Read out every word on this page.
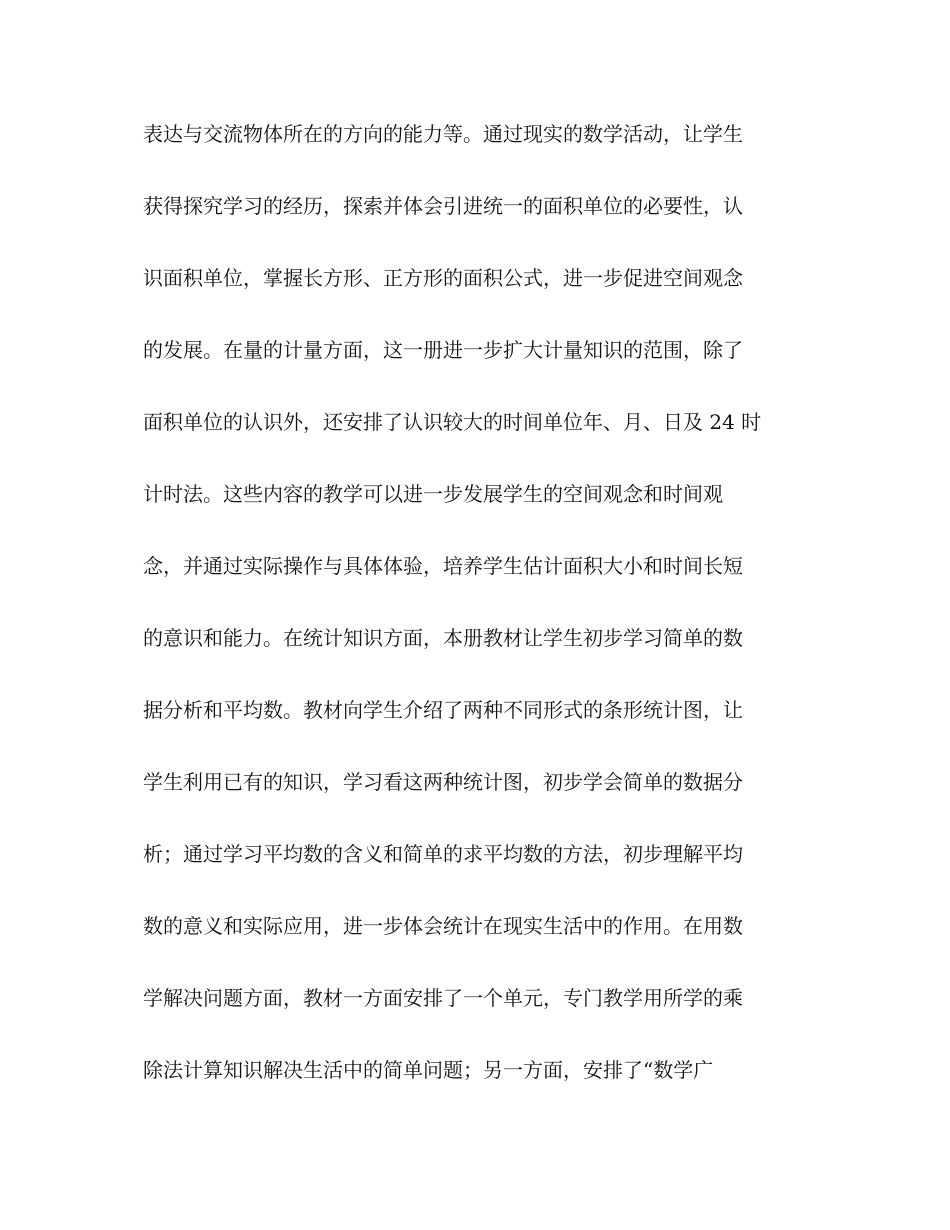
表达与交流物体所在的方向的能力等。通过现实的数学活动，让学生

获得探究学习的经历，探索并体会引进统一的面积单位的必要性，认

识面积单位，掌握长方形、正方形的面积公式，进一步促进空间观念

的发展。在量的计量方面，这一册进一步扩大计量知识的范围，除了

面积单位的认识外，还安排了认识较大的时间单位年、月、日及 24 时

计时法。这些内容的教学可以进一步发展学生的空间观念和时间观

念，并通过实际操作与具体体验，培养学生估计面积大小和时间长短

的意识和能力。在统计知识方面，本册教材让学生初步学习简单的数

据分析和平均数。教材向学生介绍了两种不同形式的条形统计图，让

学生利用已有的知识，学习看这两种统计图，初步学会简单的数据分

析；通过学习平均数的含义和简单的求平均数的方法，初步理解平均

数的意义和实际应用，进一步体会统计在现实生活中的作用。在用数

学解决问题方面，教材一方面安排了一个单元，专门教学用所学的乘

除法计算知识解决生活中的简单问题；另一方面，安排了“数学广
